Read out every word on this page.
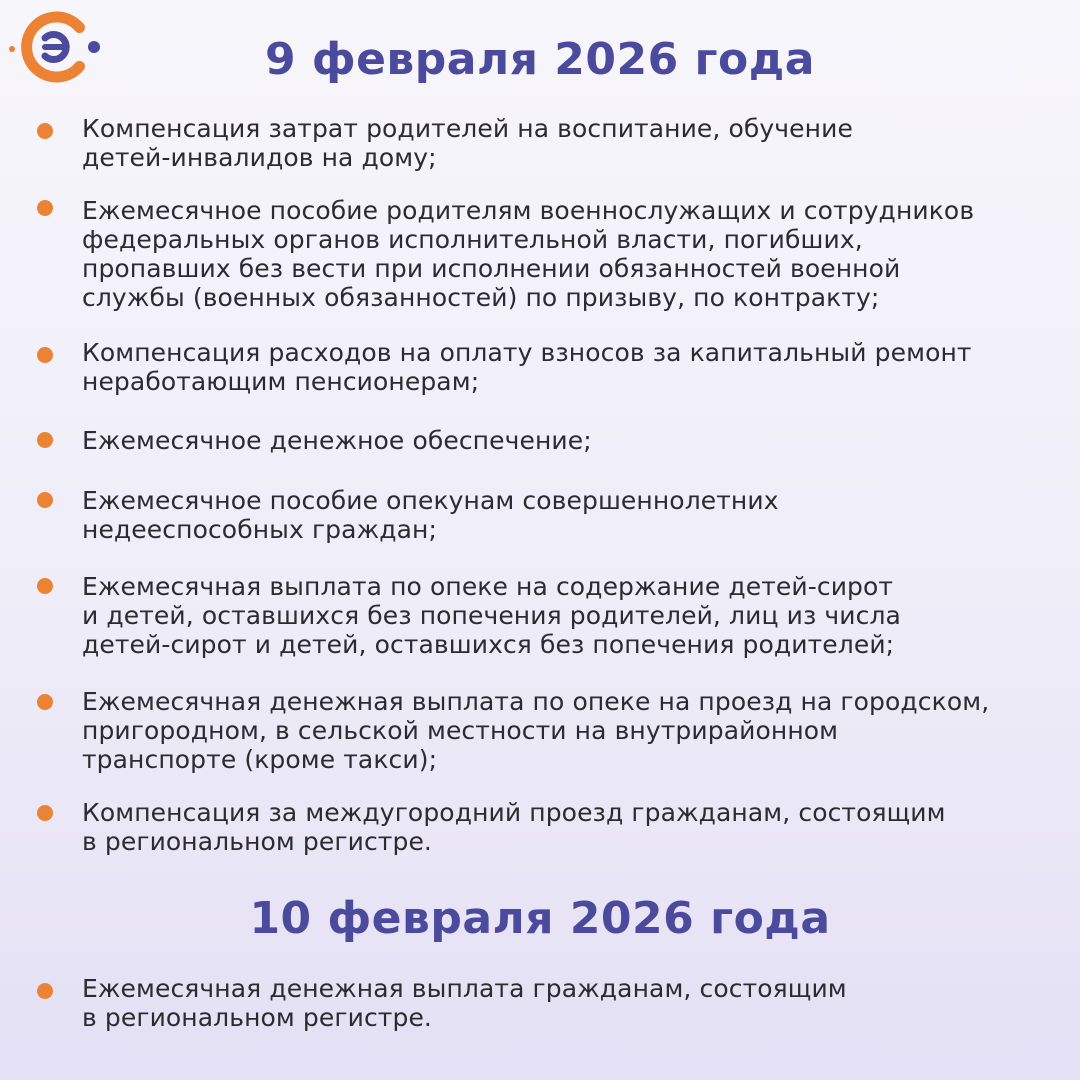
9 февраля 2026 года
Компенсация затрат родителей на воспитание, обучение
детей-инвалидов на дому;
Ежемесячное пособие родителям военнослужащих и сотрудников
федеральных органов исполнительной власти, погибших,
пропавших без вести при исполнении обязанностей военной
службы (военных обязанностей) по призыву, по контракту;
Компенсация расходов на оплату взносов за капитальный ремонт
неработающим пенсионерам;
Ежемесячное денежное обеспечение;
Ежемесячное пособие опекунам совершеннолетних
недееспособных граждан;
Ежемесячная выплата по опеке на содержание детей-сирот
и детей, оставшихся без попечения родителей, лиц из числа
детей-сирот и детей, оставшихся без попечения родителей;
Ежемесячная денежная выплата по опеке на проезд на городском,
пригородном, в сельской местности на внутрирайонном
транспорте (кроме такси);
Компенсация за междугородний проезд гражданам, состоящим
в региональном регистре.
10 февраля 2026 года
Ежемесячная денежная выплата гражданам, состоящим
в региональном регистре.
